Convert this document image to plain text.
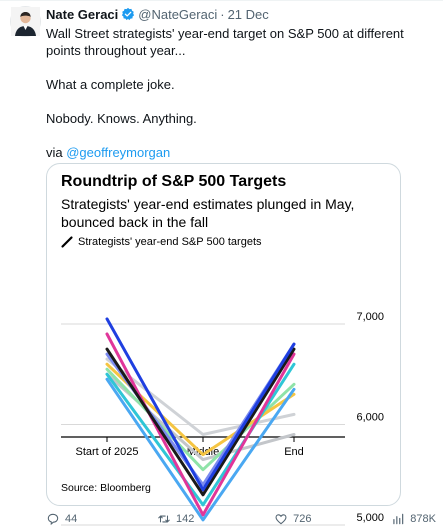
Nate Geraci @NateGeraci · 21 Dec

Wall Street strategists' year-end target on S&P 500 at different points throughout year...

What a complete joke.

Nobody. Knows. Anything.

via @geoffreymorgan

7,000
6,000
5,000
Start of 2025	Middle	End
Roundtrip of S&P 500 Targets
Strategists' year-end estimates plunged in May, bounced back in the fall
Strategists' year-end S&P 500 targets
Source: Bloomberg
44	142	726	878K
